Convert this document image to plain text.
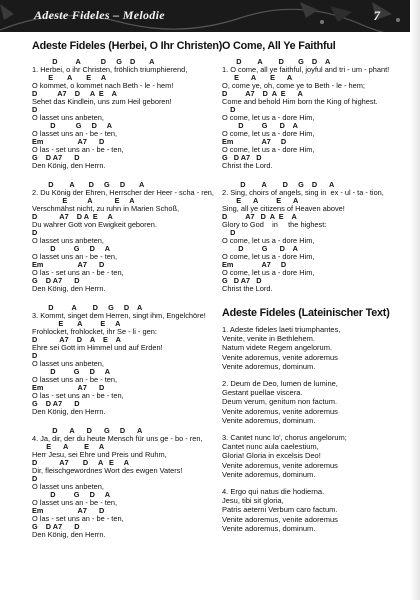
Adeste Fideles – Melodie	7
Adeste Fideles (Herbei, O Ihr Christen)
D         A          D     G    D       A
1. Herbei, o ihr Christen, fröhlich triumphierend,
E       A       E     A
O kommet, o kommet nach Beth - le - hem!
D          A7    D     A  E    A
Sehet das Kindlein, uns zum Heil geboren!
D
O lasset uns anbeten,
D          G     D     A
O lasset uns an - be - ten,
Em                 A7      D
O las - set uns an - be - ten,
G    D A7      D
Den König, den Herrn.
D        A       D     G     D       A
2. Du König der Ehren, Herrscher der Heer - scha - ren,
E          A           E     A
Verschmähst nicht, zu ruhn in Marien Schoß,
D           A7    D A  E     A
Du wahrer Gott von Ewigkeit geboren.
D
O lasset uns anbeten,
D         G     D     A
O lasset uns an - be - ten,
Em                 A7      D
O las - set uns an - be - ten,
G    D A7      D
Den König, den Herrn.
D         A        D     G     D    A
3. Kommt, singet dem Herren, singt ihm, Engelchöre!
E       A         E     A
Frohlocket, frohlocket, ihr Se - li - gen:
D           A7    D    A    E    A
Ehre sei Gott im Himmel und auf Erden!
D
O lasset uns anbeten,
D         G     D     A
O lasset uns an - be - ten,
Em                 A7      D
O las - set uns an - be - ten,
G    D A7      D
Den König, den Herrn.
D      A      D      G     D      A
4. Ja, dir, der du heute Mensch für uns ge - bo - ren,
E      A        E     A
Herr Jesu, sei Ehre und Preis und Ruhm,
D           A7       D     A   E     A
Dir, fleischgewordnes Wort des ewgen Vaters!
D
O lasset uns anbeten,
D         G     D     A
O lasset uns an - be - ten,
Em                 A7      D
O las - set uns an - be - ten,
G    D A7      D
Den König, den Herrn.
O Come, All Ye Faithful
D        A        D       G    D    A
1. O come, all ye faithful, joyful and tri - um - phant!
E      A       E      A
O, come ye, oh, come ye to Beth - le - hem;
D         A7    D  A  E      A
Come and behold Him born the King of highest.
D
O come, let us a - dore Him,
D         G      D    A
O come, let us a - dore Him,
Em              A7     D
O come, let us a - dore Him,
G   D A7   D
Christ the Lord.
D        A        D     G    D      A
2. Sing, choirs of angels, sing in  ex - ul - ta - tion,
E      A         E      A
Sing, all ye citizens of Heaven above!
D         A7   D  A  E    A
Glory to God    in     the highest:
D
O come, let us a - dore Him,
D         G      D    A
O come, let us a - dore Him,
Em              A7     D
O come, let us a - dore Him,
G   D A7   D
Christ the Lord.
Adeste Fideles (Lateinischer Text)
1. Adeste fideles laeti triumphantes,
Venite, venite in Bethlehem.
Natum videte Regem angelorum.
Venite adoremus, venite adoremus
Venite adoremus, dominum.
2. Deum de Deo, lumen de lumine,
Gestant puellae viscera.
Deum verum, genitum non factum.
Venite adoremus, venite adoremus
Venite adoremus, dominum.
3. Cantet nunc Io', chorus angelorum;
Cantet nunc aula caelestium,
Gloria! Gloria in excelsis Deo!
Venite adoremus, venite adoremus
Venite adoremus, dominum.
4. Ergo qui natus die hodierna.
Jesu, tibi sit gloria,
Patris aeterni Verbum caro factum.
Venite adoremus, venite adoremus
Venite adoremus, dominum.
